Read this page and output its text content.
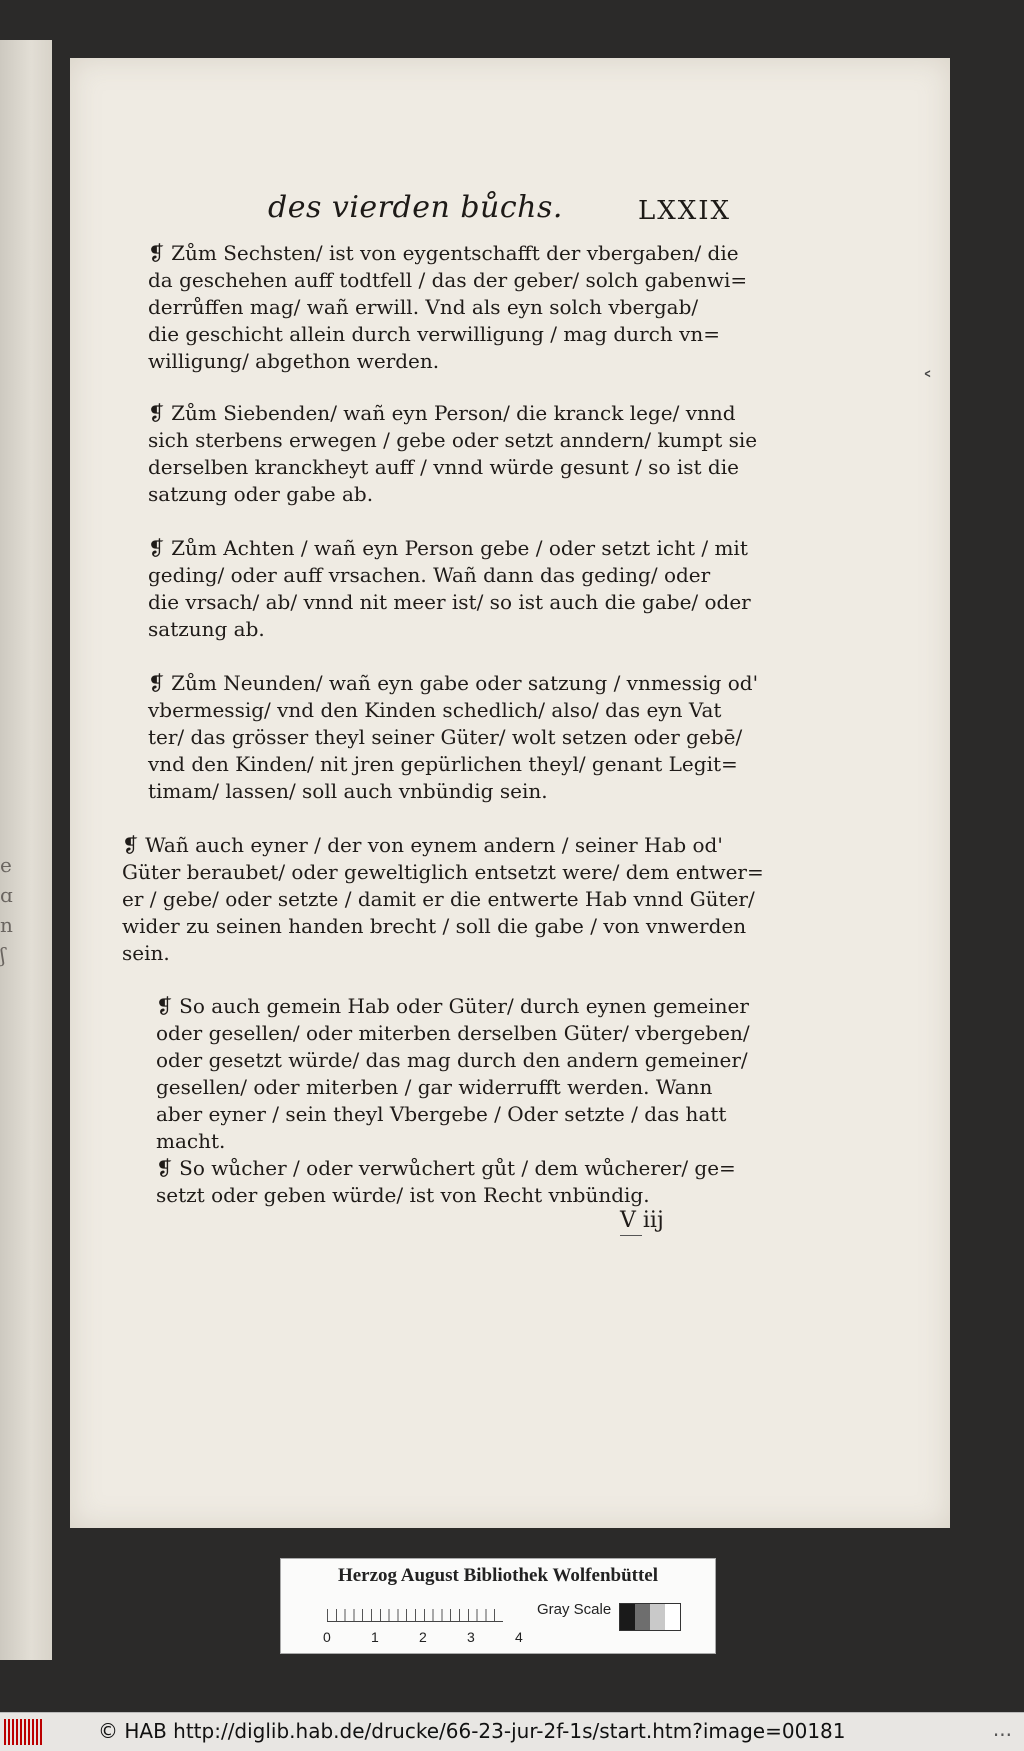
e
ɑ
n
ʃ
des vierden bůchs.	LXXIX

❡ Zům Sechsten/ ist von eygentschafft der vbergaben/ die

da geschehen auff todtfell / das der geber/ solch gabenwi=

derrůffen mag/ wañ erwill. Vnd als eyn solch vbergab/

die geschicht allein durch verwilligung / mag durch vn=

willigung/ abgethon werden.

❡ Zům Siebenden/ wañ eyn Person/ die kranck lege/ vnnd

sich sterbens erwegen / gebe oder setzt anndern/ kumpt sie

derselben kranckheyt auff / vnnd würde gesunt / so ist die

satzung oder gabe ab.

❡ Zům Achten / wañ eyn Person gebe / oder setzt icht / mit

geding/ oder auff vrsachen. Wañ dann das geding/ oder

die vrsach/ ab/ vnnd nit meer ist/ so ist auch die gabe/ oder

satzung ab.

❡ Zům Neunden/ wañ eyn gabe oder satzung / vnmessig od'

vbermessig/ vnd den Kinden schedlich/ also/ das eyn Vat

ter/ das grösser theyl seiner Güter/ wolt setzen oder gebē/

vnd den Kinden/ nit jren gepürlichen theyl/ genant Legit=

timam/ lassen/ soll auch vnbündig sein.

❡ Wañ auch eyner / der von eynem andern / seiner Hab od'

Güter beraubet/ oder geweltiglich entsetzt were/ dem entwer=

er / gebe/ oder setzte / damit er die entwerte Hab vnnd Güter/

wider zu seinen handen brecht / soll die gabe / von vnwerden

sein.

❡ So auch gemein Hab oder Güter/ durch eynen gemeiner

oder gesellen/ oder miterben derselben Güter/ vbergeben/

oder gesetzt würde/ das mag durch den andern gemeiner/

gesellen/ oder miterben / gar widerrufft werden. Wann

aber eyner / sein theyl Vbergebe / Oder setzte / das hatt

macht.

❡ So wůcher / oder verwůchert gůt / dem wůcherer/ ge=

setzt oder geben würde/ ist von Recht vnbündig.

V iij
˂
Herzog August Bibliothek Wolfenbüttel
0	1	2	3	4
Gray Scale
© HAB http://diglib.hab.de/drucke/66-23-jur-2f-1s/start.htm?image=00181	...
